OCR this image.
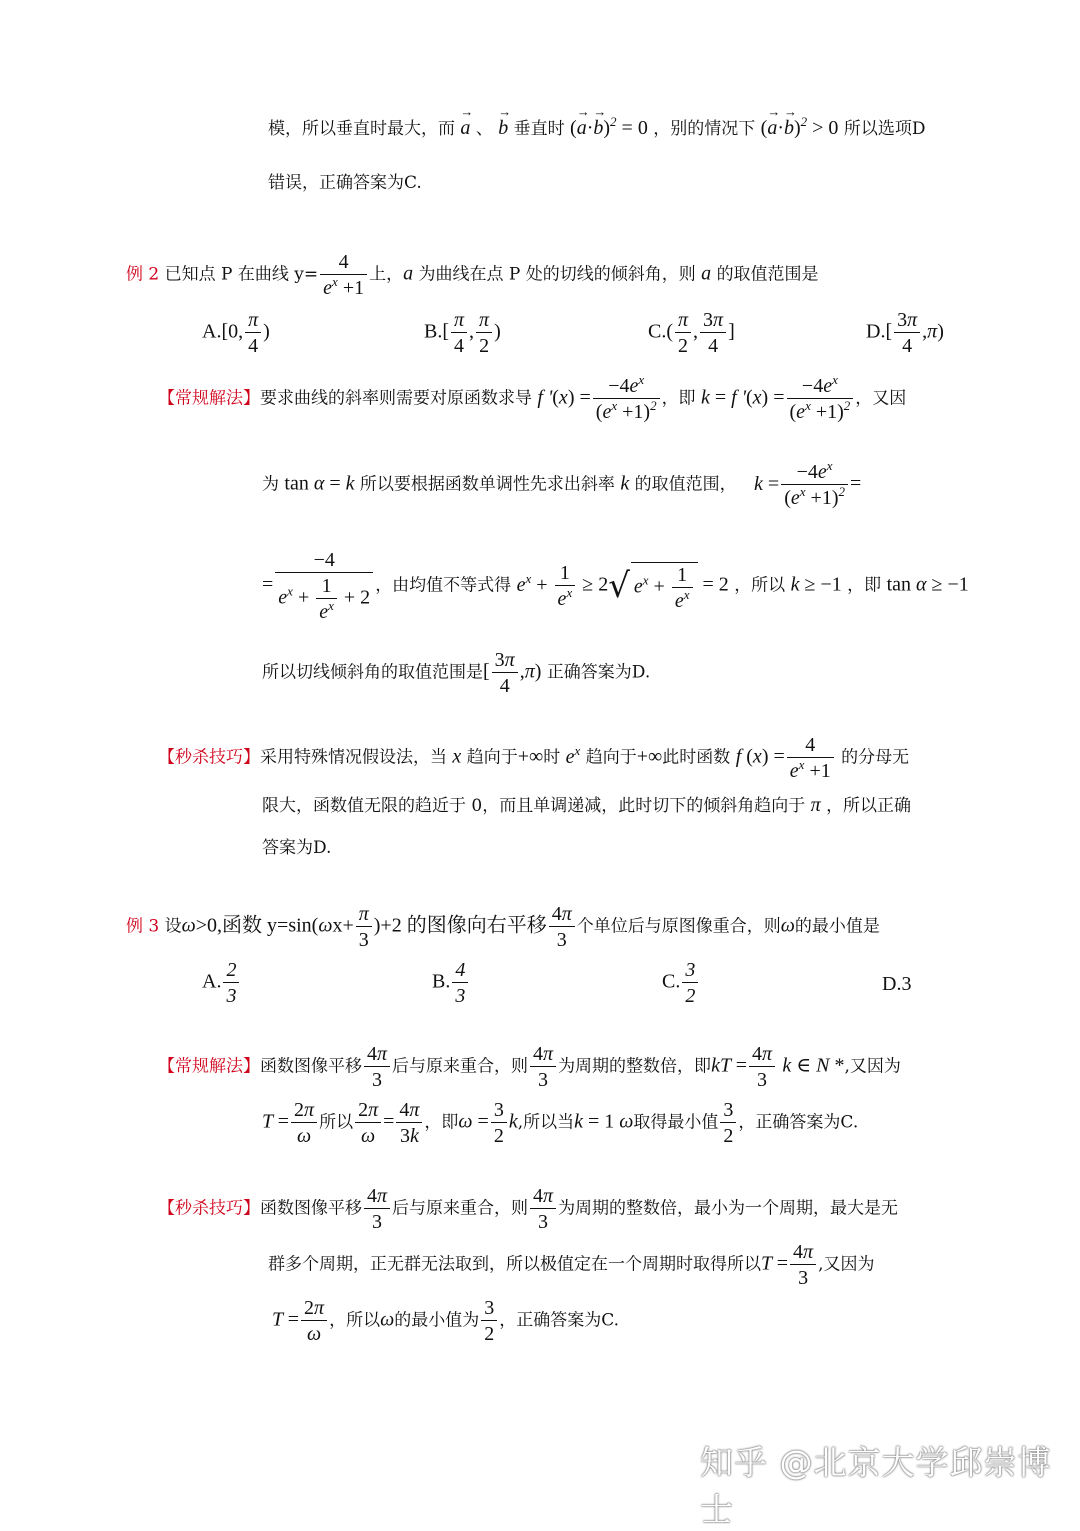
模，所以垂直时最大，而 → a 、 → b 垂直时 (→ a·→ b)$^2$ = 0 ，别的情况下 (→ a·→ b)$^2$ > 0 所以选项D
错误，正确答案为C.
例 2 已知点 P 在曲线 $y= \frac{4}{e^x +1}$ 上，a 为曲线在点 P 处的切线的倾斜角，则 a 的取值范围是
A.[0, $\frac{\pi}{4}$ )	$B.[ \frac{\pi}{4}$ , $\frac{\pi}{2}$ )	$C.( \frac{\pi}{2}$ , $\frac{3\pi}{4}$ ]	$D.[ \frac{3\pi}{4} ,\pi)$
【常规解法】要求曲线的斜率则需要对原函数求导 f '$(x) = \frac{-4e^x}{(e^x +1)^2}$ ，即 k = f '$(x) = \frac{-4e^x}{(e^x +1)^2}$ ，又因
为 tan α = k 所以要根据函数单调性先求出斜率 k 的取值范围， $k = \frac{-4e^x}{(e^x +1)^2}$ =
= $\frac{-4}{e^x + \frac{1}{e^x} + 2}$ ，由均值不等式得 $e^x + \frac{1}{e^x} \ge 2√$ $e^x + \frac{1}{e^x} = 2$ ，所以 k ≥ −1 ，即 tan α ≥ −1
所以切线倾斜角的取值范围是[ $\frac{3\pi}{4} ,\pi$) 正确答案为D.
【秒杀技巧】采用特殊情况假设法，当 x 趋向于+∞时 $e^x$ 趋向于+∞此时函数 f $(x) = \frac{4}{e^x +1}$ 的分母无
限大，函数值无限的趋近于 0，而且单调递减，此时切下的倾斜角趋向于 π ，所以正确
答案为D.
例 3 设ω>0,函数 $y=\sin(\omega x+ \frac{\pi}{3} )+2$ 的图像向右平移 $\frac{4\pi}{3}$ 个单位后与原图像重合，则ω的最小值是
A. $\frac{2}{3}$	B. $\frac{4}{3}$	C. $\frac{3}{2}$	D.3
【常规解法】函数图像平移 $\frac{4\pi}{3}$ 后与原来重合，则 $\frac{4\pi}{3}$ 为周期的整数倍，即kT = $\frac{4\pi}{3}$ k ∈ N *,又因为
$T = \frac{2\pi}{\omega}$ 所以 $\frac{2\pi}{\omega} = \frac{4\pi}{3k}$ ，即$\omega = \frac{3}{2} k$,所以当k = 1 ω取得最小值 $\frac{3}{2}$ ，正确答案为C.
【秒杀技巧】函数图像平移 $\frac{4\pi}{3}$ 后与原来重合，则 $\frac{4\pi}{3}$ 为周期的整数倍，最小为一个周期，最大是无
群多个周期，正无群无法取到，所以极值定在一个周期时取得所以$T = \frac{4\pi}{3}$ ,又因为
$T = \frac{2\pi}{\omega}$ ，所以ω的最小值为 $\frac{3}{2}$ ，正确答案为C.
知乎 @北京大学邱崇博士
